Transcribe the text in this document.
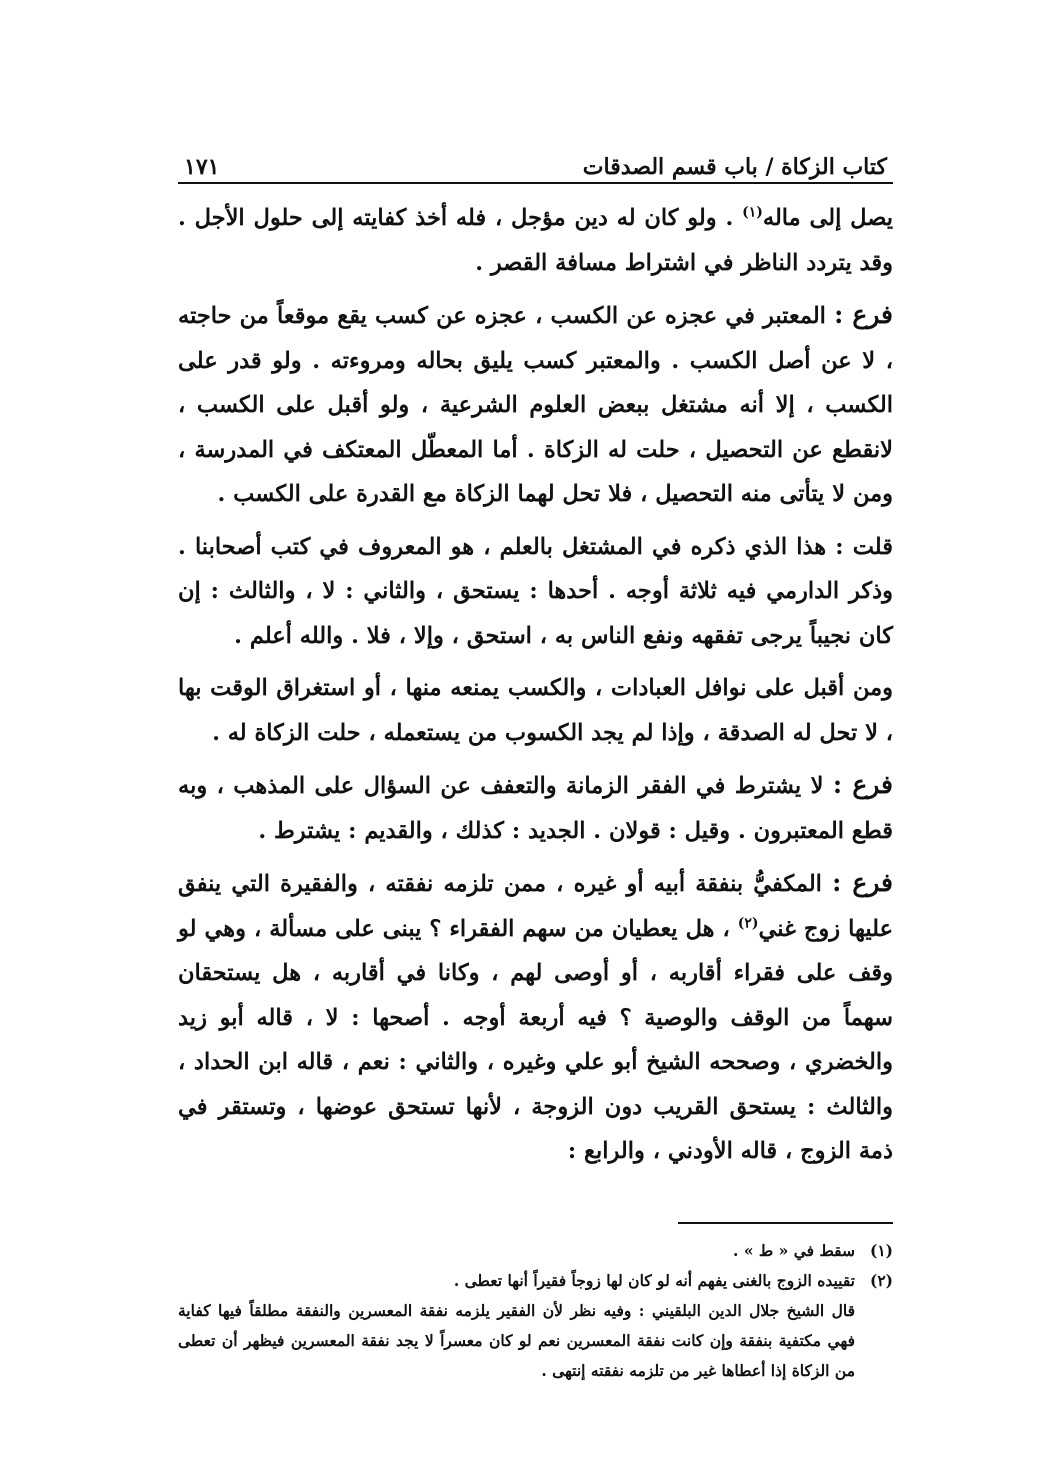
كتاب الزكاة / باب قسم الصدقات
١٧١

يصل إلى ماله$^{(١)}$ . ولو كان له دين مؤجل ، فله أخذ كفايته إلى حلول الأجل . وقد يتردد الناظر في اشتراط مسافة القصر .

فرع : المعتبر في عجزه عن الكسب ، عجزه عن كسب يقع موقعاً من حاجته ، لا عن أصل الكسب . والمعتبر كسب يليق بحاله ومروءته . ولو قدر على الكسب ، إلا أنه مشتغل ببعض العلوم الشرعية ، ولو أقبل على الكسب ، لانقطع عن التحصيل ، حلت له الزكاة . أما المعطّل المعتكف في المدرسة ، ومن لا يتأتى منه التحصيل ، فلا تحل لهما الزكاة مع القدرة على الكسب .

قلت : هذا الذي ذكره في المشتغل بالعلم ، هو المعروف في كتب أصحابنا . وذكر الدارمي فيه ثلاثة أوجه . أحدها : يستحق ، والثاني : لا ، والثالث : إن كان نجيباً يرجى تفقهه ونفع الناس به ، استحق ، وإلا ، فلا . والله أعلم .

ومن أقبل على نوافل العبادات ، والكسب يمنعه منها ، أو استغراق الوقت بها ، لا تحل له الصدقة ، وإذا لم يجد الكسوب من يستعمله ، حلت الزكاة له .

فرع : لا يشترط في الفقر الزمانة والتعفف عن السؤال على المذهب ، وبه قطع المعتبرون . وقيل : قولان . الجديد : كذلك ، والقديم : يشترط .

فرع : المكفيُّ بنفقة أبيه أو غيره ، ممن تلزمه نفقته ، والفقيرة التي ينفق عليها زوج غني$^{(٢)}$ ، هل يعطيان من سهم الفقراء ؟ يبنى على مسألة ، وهي لو وقف على فقراء أقاربه ، أو أوصى لهم ، وكانا في أقاربه ، هل يستحقان سهماً من الوقف والوصية ؟ فيه أربعة أوجه . أصحها : لا ، قاله أبو زيد والخضري ، وصححه الشيخ أبو علي وغيره ، والثاني : نعم ، قاله ابن الحداد ، والثالث : يستحق القريب دون الزوجة ، لأنها تستحق عوضها ، وتستقر في ذمة الزوج ، قاله الأودني ، والرابع :

(١)
سقط في « ط » .
(٢)
تقييده الزوج بالغنى يفهم أنه لو كان لها زوجاً فقيراً أنها تعطى .
قال الشيخ جلال الدين البلقيني : وفيه نظر لأن الفقير يلزمه نفقة المعسرين والنفقة مطلقاً فيها كفاية فهي مكتفية بنفقة وإن كانت نفقة المعسرين نعم لو كان معسراً لا يجد نفقة المعسرين فيظهر أن تعطى من الزكاة إذا أعطاها غير من تلزمه نفقته إنتهى .
